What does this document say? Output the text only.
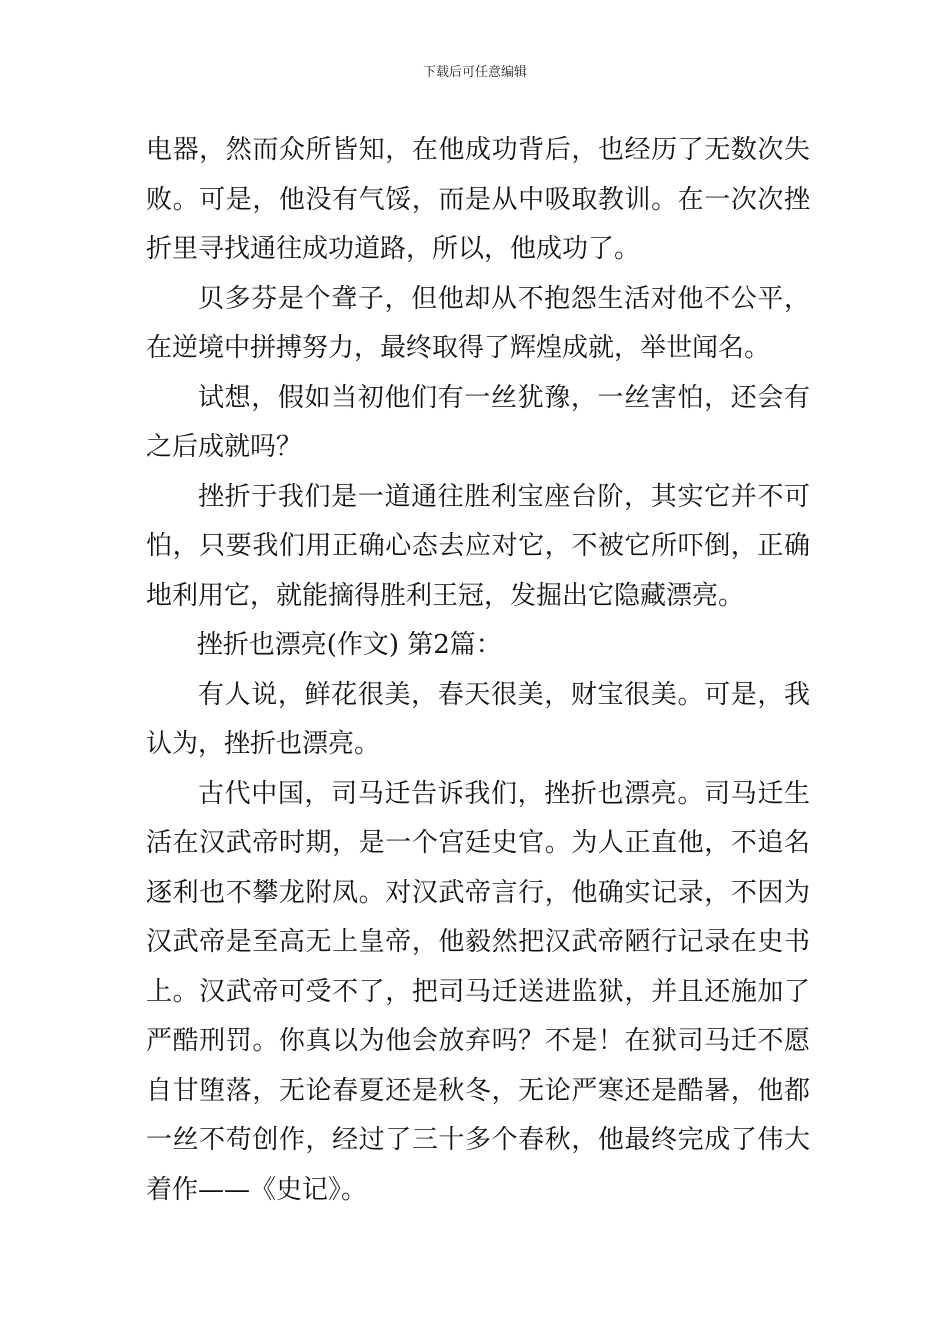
下载后可任意编辑

电器，然而众所皆知，在他成功背后，也经历了无数次失败。可是，他没有气馁，而是从中吸取教训。在一次次挫折里寻找通往成功道路，所以，他成功了。

贝多芬是个聋子，但他却从不抱怨生活对他不公平，在逆境中拼搏努力，最终取得了辉煌成就，举世闻名。

试想，假如当初他们有一丝犹豫，一丝害怕，还会有之后成就吗？

挫折于我们是一道通往胜利宝座台阶，其实它并不可怕，只要我们用正确心态去应对它，不被它所吓倒，正确地利用它，就能摘得胜利王冠，发掘出它隐藏漂亮。

挫折也漂亮(作文) 第2篇：

有人说，鲜花很美，春天很美，财宝很美。可是，我认为，挫折也漂亮。

古代中国，司马迁告诉我们，挫折也漂亮。司马迁生活在汉武帝时期，是一个宫廷史官。为人正直他，不追名逐利也不攀龙附凤。对汉武帝言行，他确实记录，不因为汉武帝是至高无上皇帝，他毅然把汉武帝陋行记录在史书上。汉武帝可受不了，把司马迁送进监狱，并且还施加了严酷刑罚。你真以为他会放弃吗？不是！在狱司马迁不愿自甘堕落，无论春夏还是秋冬，无论严寒还是酷暑，他都一丝不苟创作，经过了三十多个春秋，他最终完成了伟大着作——《史记》。
